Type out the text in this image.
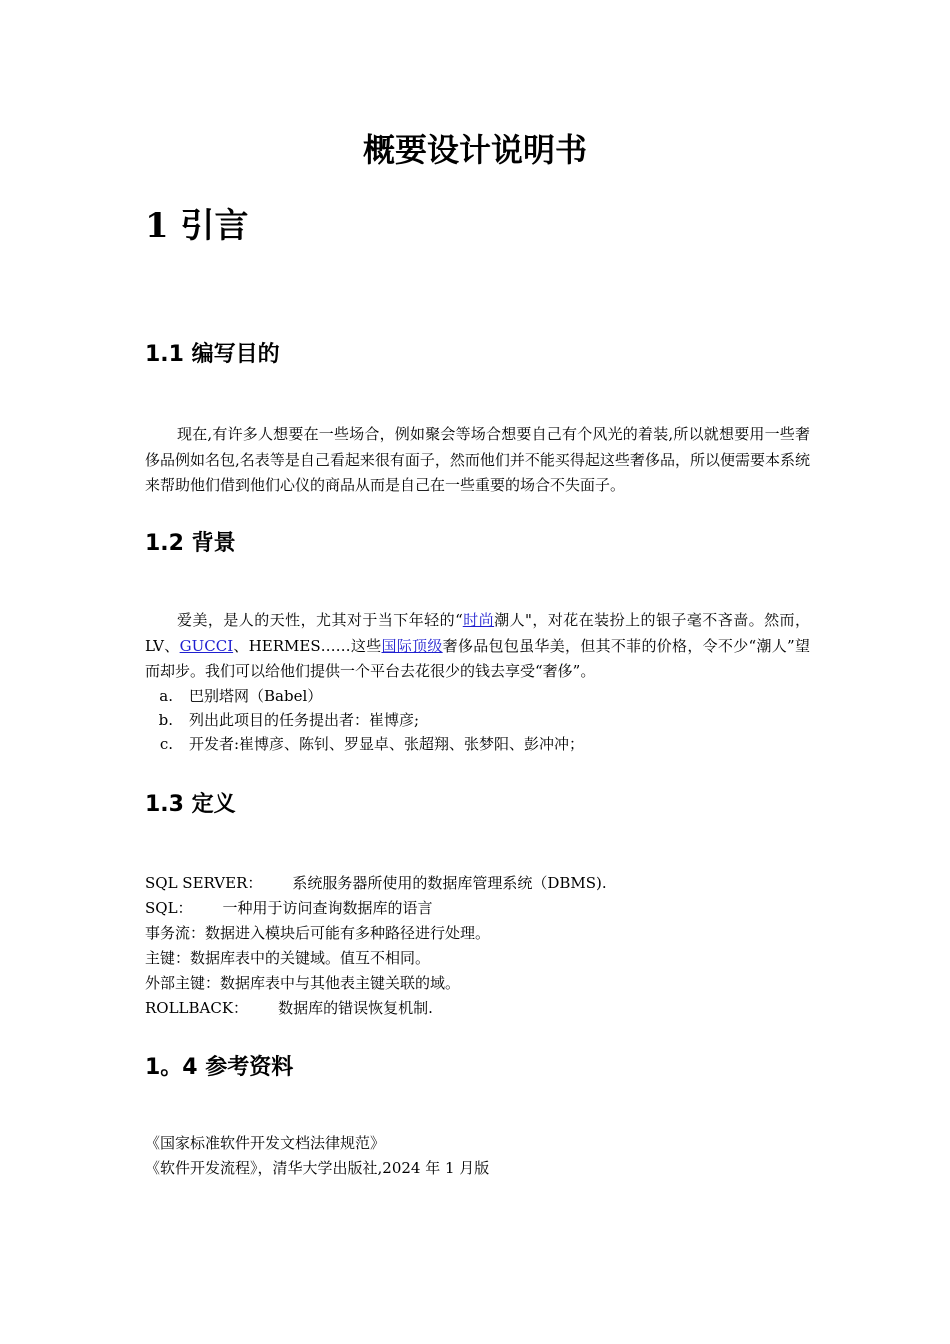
概要设计说明书
1 引言
1.1 编写目的

现在,有许多人想要在一些场合，例如聚会等场合想要自己有个风光的着装,所以就想要用一些奢侈品例如名包,名表等是自己看起来很有面子，然而他们并不能买得起这些奢侈品，所以便需要本系统来帮助他们借到他们心仪的商品从而是自己在一些重要的场合不失面子。

1.2 背景

爱美，是人的天性，尤其对于当下年轻的“时尚潮人"，对花在装扮上的银子毫不吝啬。然而，LV、GUCCI、HERMES……这些国际顶级奢侈品包包虽华美，但其不菲的价格，令不少“潮人”望而却步。我们可以给他们提供一个平台去花很少的钱去享受“奢侈”。

a. 巴别塔网（Babel）
b. 列出此项目的任务提出者：崔博彦;
c. 开发者:崔博彦、陈钊、罗显卓、张超翔、张梦阳、彭冲冲；
1.3 定义
SQL SERVER： 系统服务器所使用的数据库管理系统（DBMS).
SQL： 一种用于访问查询数据库的语言
事务流：数据进入模块后可能有多种路径进行处理。
主键：数据库表中的关键域。值互不相同。
外部主键：数据库表中与其他表主键关联的域。
ROLLBACK： 数据库的错误恢复机制.
1。4 参考资料
《国家标准软件开发文档法律规范》
《软件开发流程》，清华大学出版社,2024 年 1 月版
